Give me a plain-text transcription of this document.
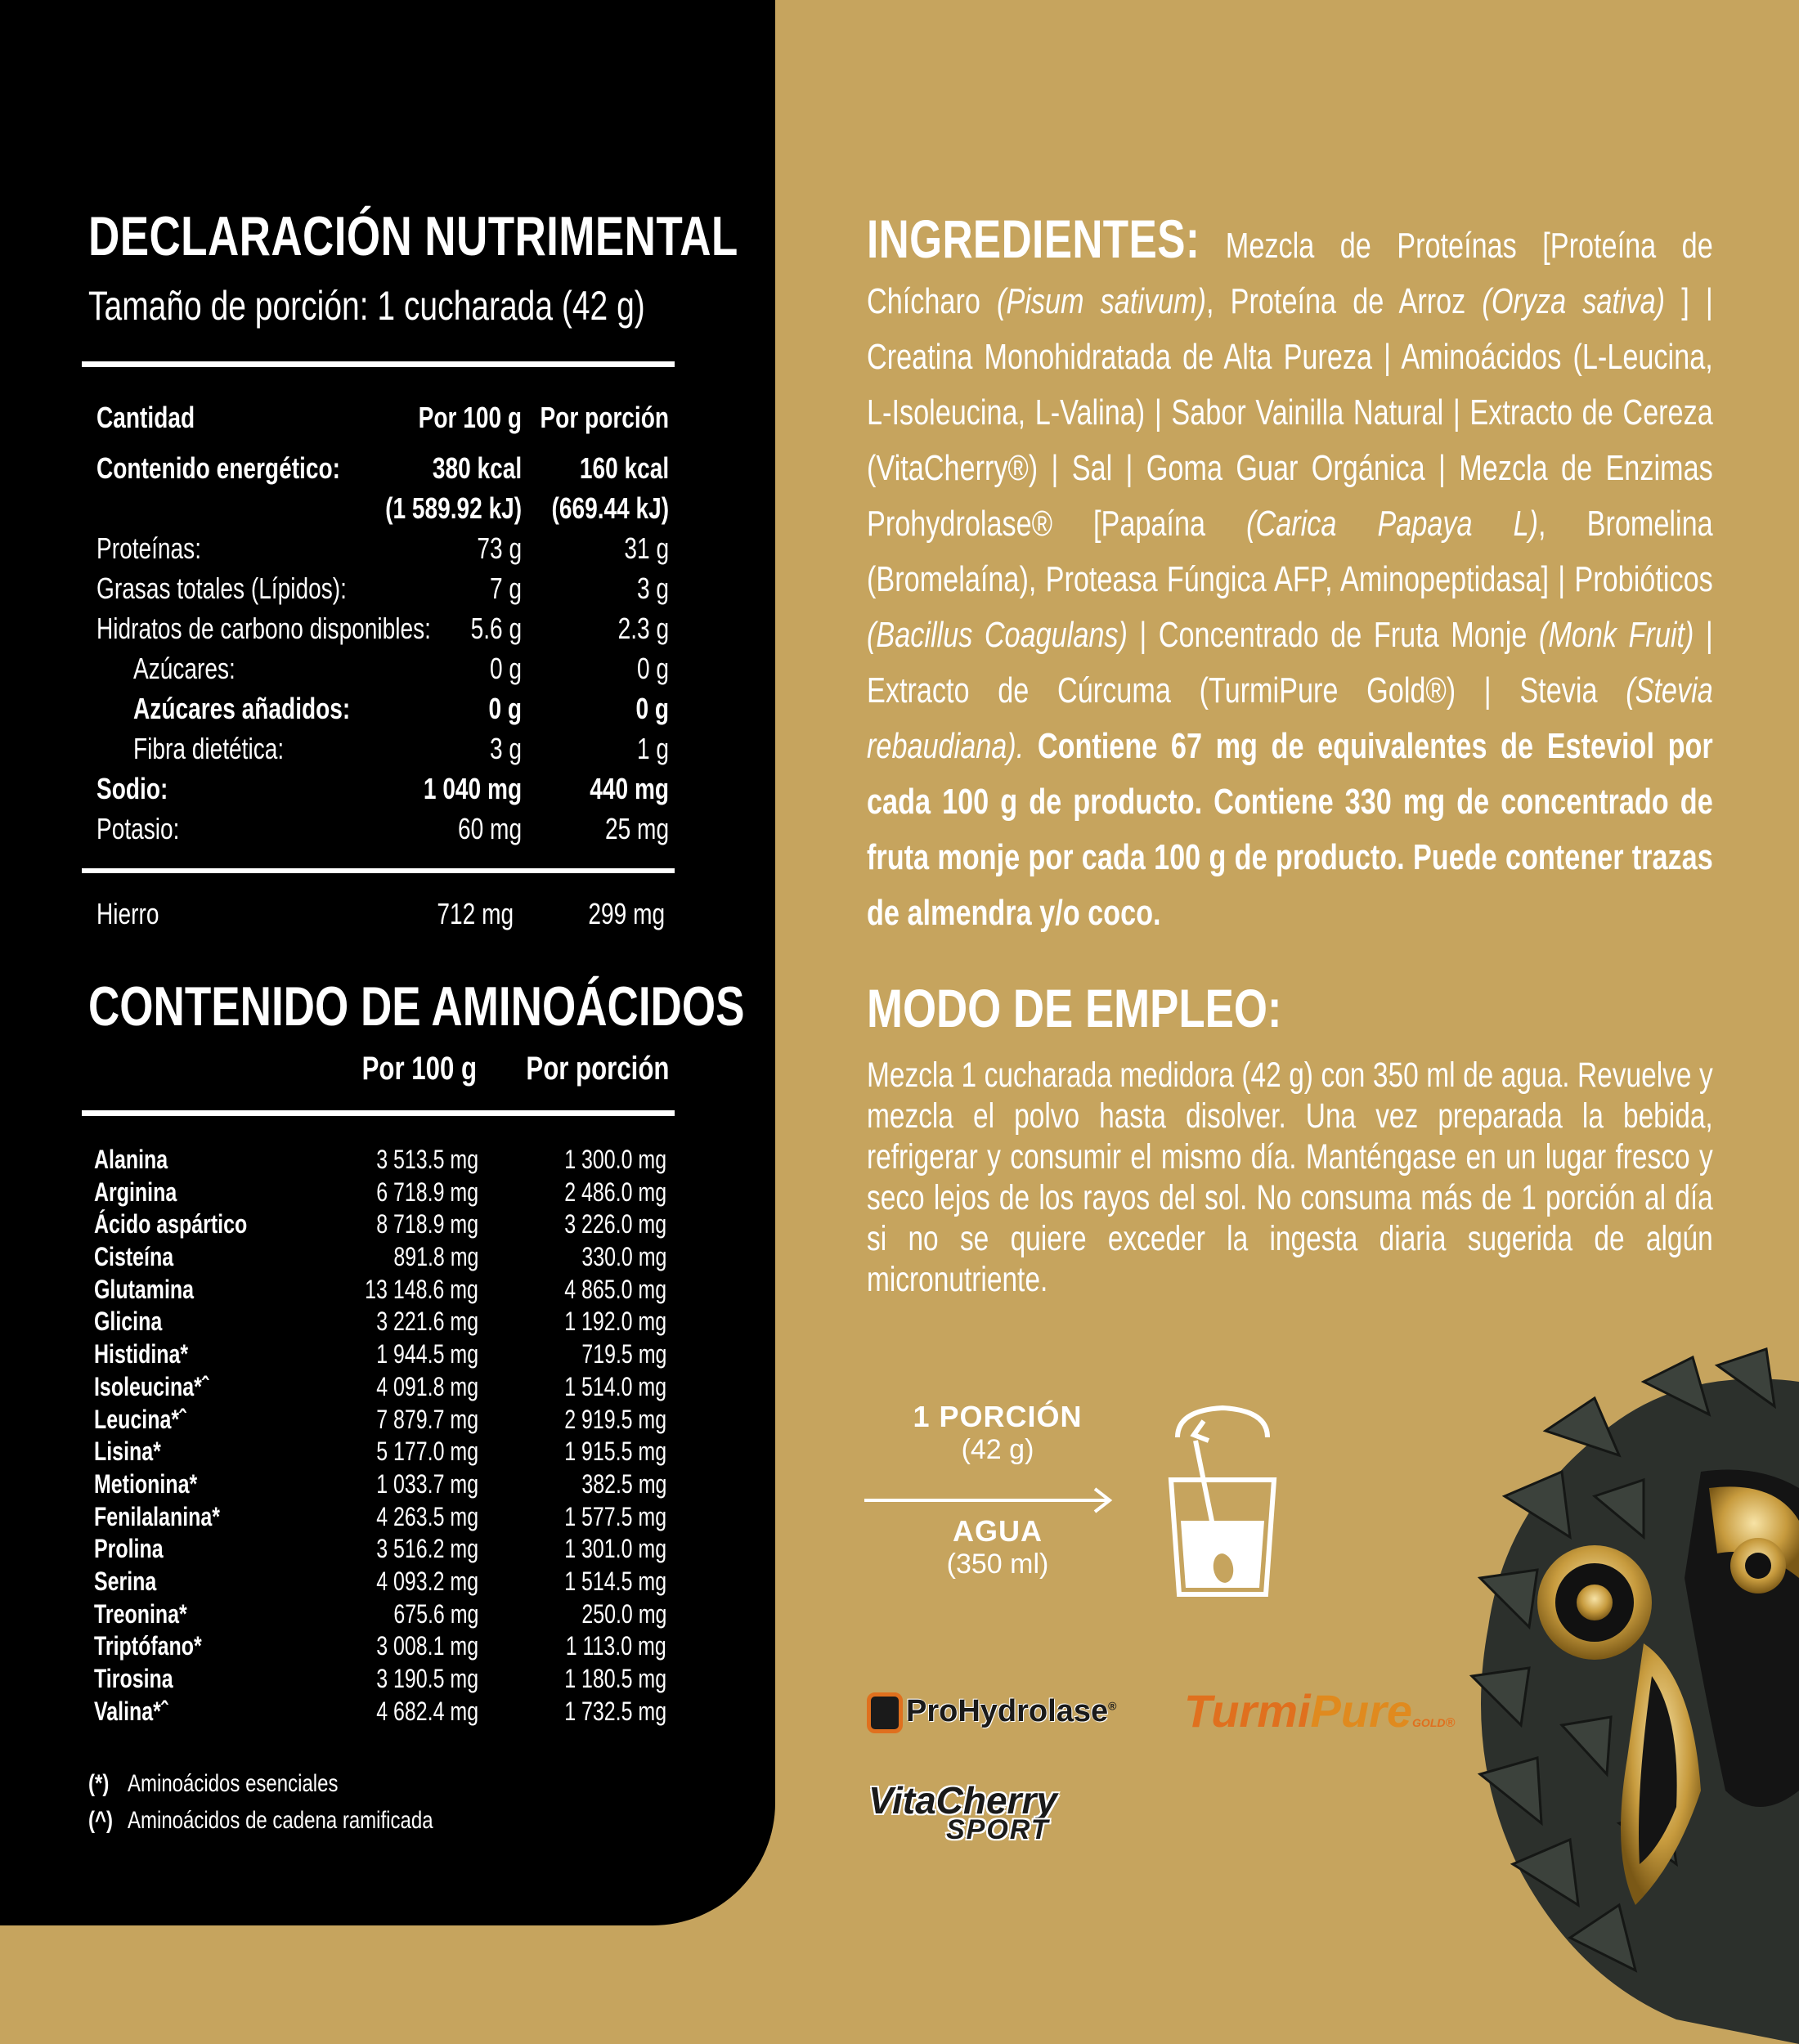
DECLARACIÓN NUTRIMENTAL
Tamaño de porción: 1 cucharada (42 g)
Cantidad	Por 100 g Por porción
Contenido energético:	380 kcal 160 kcal
(1 589.92 kJ) (669.44 kJ)
Proteínas:	73 g	31 g
Grasas totales (Lípidos):	7 g	3 g
Hidratos de carbono disponibles: 5.6 g	2.3 g
Azúcares:	0 g	0 g
Azúcares añadidos:	0 g	0 g
Fibra dietética:	3 g	1 g
Sodio:	1 040 mg 440 mg
Potasio:	60 mg	25 mg
Hierro	712 mg	299 mg
CONTENIDO DE AMINOÁCIDOS
Por 100 g Por porción
Alanina	3 513.5 mg	1 300.0 mg
Arginina	6 718.9 mg	2 486.0 mg
Ácido aspártico	8 718.9 mg	3 226.0 mg
Cisteína	891.8 mg	330.0 mg
Glutamina	13 148.6 mg	4 865.0 mg
Glicina	3 221.6 mg	1 192.0 mg
Histidina*	1 944.5 mg	719.5 mg
Isoleucina*ˆ	4 091.8 mg	1 514.0 mg
Leucina*ˆ	7 879.7 mg	2 919.5 mg
Lisina*	5 177.0 mg	1 915.5 mg
Metionina*	1 033.7 mg	382.5 mg
Fenilalanina*	4 263.5 mg	1 577.5 mg
Prolina	3 516.2 mg	1 301.0 mg
Serina	4 093.2 mg	1 514.5 mg
Treonina*	675.6 mg	250.0 mg
Triptófano*	3 008.1 mg	1 113.0 mg
Tirosina	3 190.5 mg	1 180.5 mg
Valina*ˆ	4 682.4 mg	1 732.5 mg
(*) Aminoácidos esenciales
(^) Aminoácidos de cadena ramificada
INGREDIENTES: Mezcla de Proteínas [Proteína de Chícharo (Pisum sativum), Proteína de Arroz (Oryza sativa) ] | Creatina Monohidratada de Alta Pureza | Aminoácidos (L-Leucina, L-Isoleucina, L-Valina) | Sabor Vainilla Natural | Extracto de Cereza (VitaCherry®) | Sal | Goma Guar Orgánica | Mezcla de Enzimas Prohydrolase® [Papaína (Carica Papaya L), Bromelina (Bromelaína), Proteasa Fúngica AFP, Aminopeptidasa] | Probióticos (Bacillus Coagulans) | Concentrado de Fruta Monje (Monk Fruit) | Extracto de Cúrcuma (TurmiPure Gold®) | Stevia (Stevia rebaudiana). Contiene 67 mg de equivalentes de Esteviol por cada 100 g de producto. Contiene 330 mg de concentrado de fruta monje por cada 100 g de producto. Puede contener trazas de almendra y/o coco.
MODO DE EMPLEO:
Mezcla 1 cucharada medidora (42 g) con 350 ml de agua. Revuelve y mezcla el polvo hasta disolver. Una vez preparada la bebida, refrigerar y consumir el mismo día. Manténgase en un lugar fresco y seco lejos de los rayos del sol. No consuma más de 1 porción al día si no se quiere exceder la ingesta diaria sugerida de algún micronutriente.
1 PORCIÓN
(42 g)
AGUA
(350 ml)
ProHydrolase® TurmiPureGOLD®
VitaCherry
SPORT
